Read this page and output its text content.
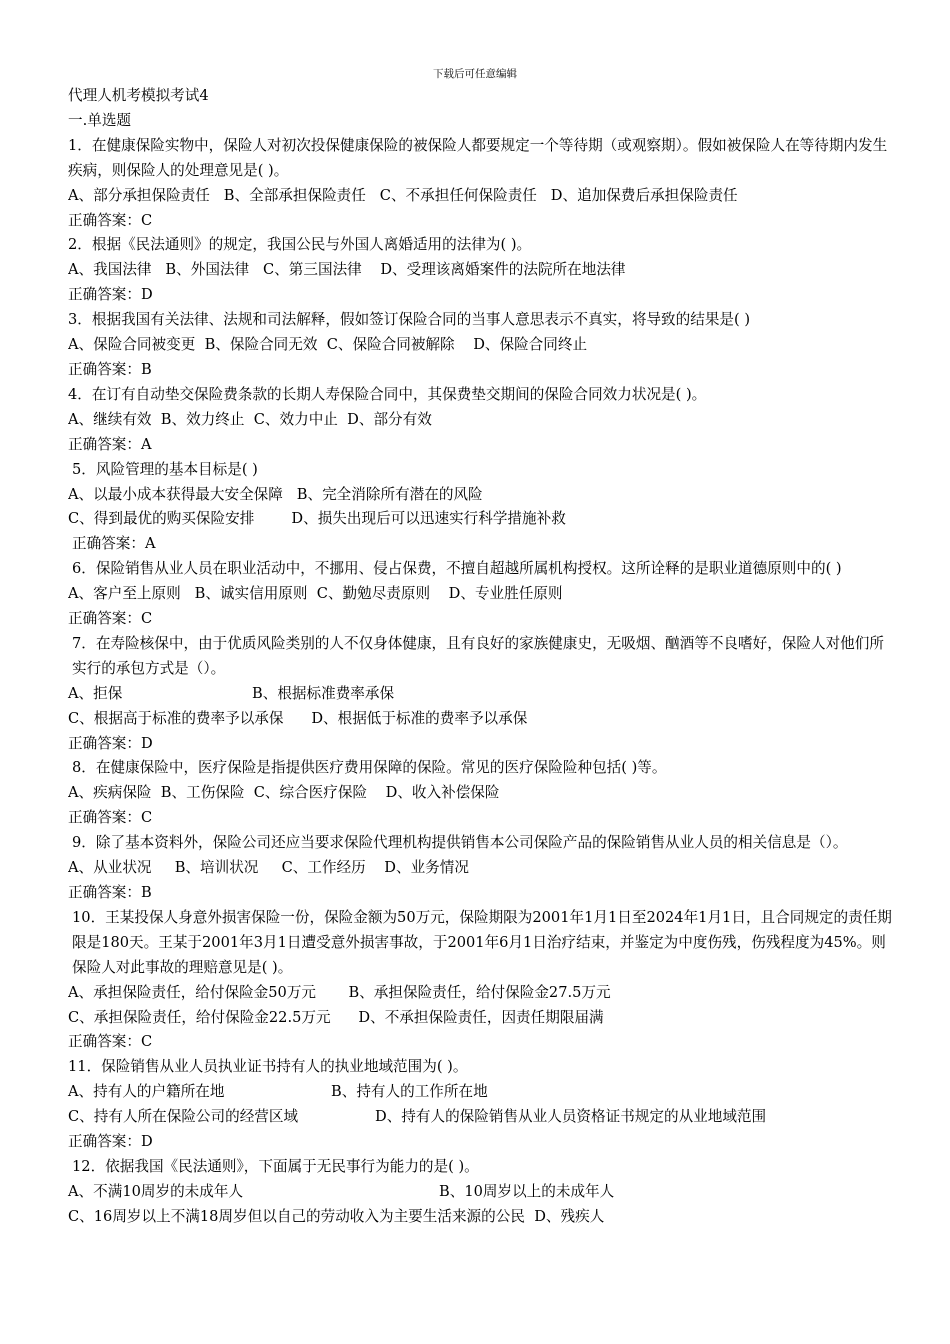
下载后可任意编辑
代理人机考模拟考试4
一.单选题
1．在健康保险实物中，保险人对初次投保健康保险的被保险人都要规定一个等待期（或观察期）。假如被保险人在等待期内发生疾病，则保险人的处理意见是( )。
A、部分承担保险责任   B、全部承担保险责任   C、不承担任何保险责任   D、追加保费后承担保险责任
正确答案：C
2．根据《民法通则》的规定，我国公民与外国人离婚适用的法律为( )。
A、我国法律   B、外国法律   C、第三国法律    D、受理该离婚案件的法院所在地法律
正确答案：D
3．根据我国有关法律、法规和司法解释，假如签订保险合同的当事人意思表示不真实，将导致的结果是( )
A、保险合同被变更  B、保险合同无效  C、保险合同被解除    D、保险合同终止
正确答案：B
4．在订有自动垫交保险费条款的长期人寿保险合同中，其保费垫交期间的保险合同效力状况是( )。
A、继续有效  B、效力终止  C、效力中止  D、部分有效
正确答案：A
5．风险管理的基本目标是( )
A、以最小成本获得最大安全保障   B、完全消除所有潜在的风险
C、得到最优的购买保险安排        D、损失出现后可以迅速实行科学措施补救
正确答案：A
6．保险销售从业人员在职业活动中，不挪用、侵占保费，不擅自超越所属机构授权。这所诠释的是职业道德原则中的( )
A、客户至上原则   B、诚实信用原则  C、勤勉尽责原则    D、专业胜任原则
正确答案：C
7．在寿险核保中，由于优质风险类别的人不仅身体健康，且有良好的家族健康史，无吸烟、酗酒等不良嗜好，保险人对他们所实行的承包方式是（）。
A、拒保	B、根据标准费率承保
C、根据高于标准的费率予以承保      D、根据低于标准的费率予以承保
正确答案：D
8．在健康保险中，医疗保险是指提供医疗费用保障的保险。常见的医疗保险险种包括( )等。
A、疾病保险  B、工伤保险  C、综合医疗保险    D、收入补偿保险
正确答案：C
9．除了基本资料外，保险公司还应当要求保险代理机构提供销售本公司保险产品的保险销售从业人员的相关信息是（）。
A、从业状况     B、培训状况     C、工作经历    D、业务情况
正确答案：B
10．王某投保人身意外损害保险一份，保险金额为50万元，保险期限为2001年1月1日至2024年1月1日，且合同规定的责任期限是180天。王某于2001年3月1日遭受意外损害事故，于2001年6月1日治疗结束，并鉴定为中度伤残，伤残程度为45%。则保险人对此事故的理赔意见是( )。
A、承担保险责任，给付保险金50万元       B、承担保险责任，给付保险金27.5万元
C、承担保险责任，给付保险金22.5万元      D、不承担保险责任，因责任期限届满
正确答案：C
11．保险销售从业人员执业证书持有人的执业地域范围为( )。
A、持有人的户籍所在地	B、持有人的工作所在地
C、持有人所在保险公司的经营区域	D、持有人的保险销售从业人员资格证书规定的从业地域范围
正确答案：D
12．依据我国《民法通则》，下面属于无民事行为能力的是( )。
A、不满10周岁的未成年人	B、10周岁以上的未成年人
C、16周岁以上不满18周岁但以自己的劳动收入为主要生活来源的公民  D、残疾人
